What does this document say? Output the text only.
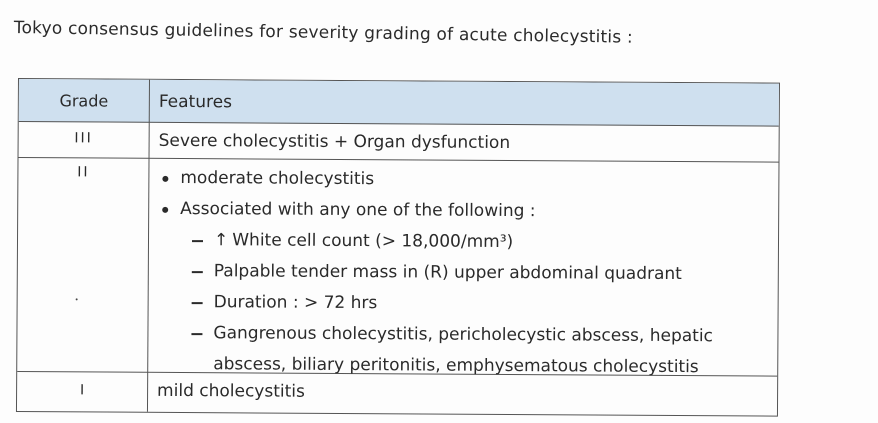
Tokyo consensus guidelines for severity grading of acute cholecystitis :
Grade	Features
III	Severe cholecystitis + Organ dysfunction
II	moderate cholecystitis
Associated with any one of the following :
↑ White cell count (> 18,000/mm³)
Palpable tender mass in (R) upper abdominal quadrant
Duration : > 72 hrs
Gangrenous cholecystitis, pericholecystic abscess, hepatic
abscess, biliary peritonitis, emphysematous cholecystitis
I	mild cholecystitis
